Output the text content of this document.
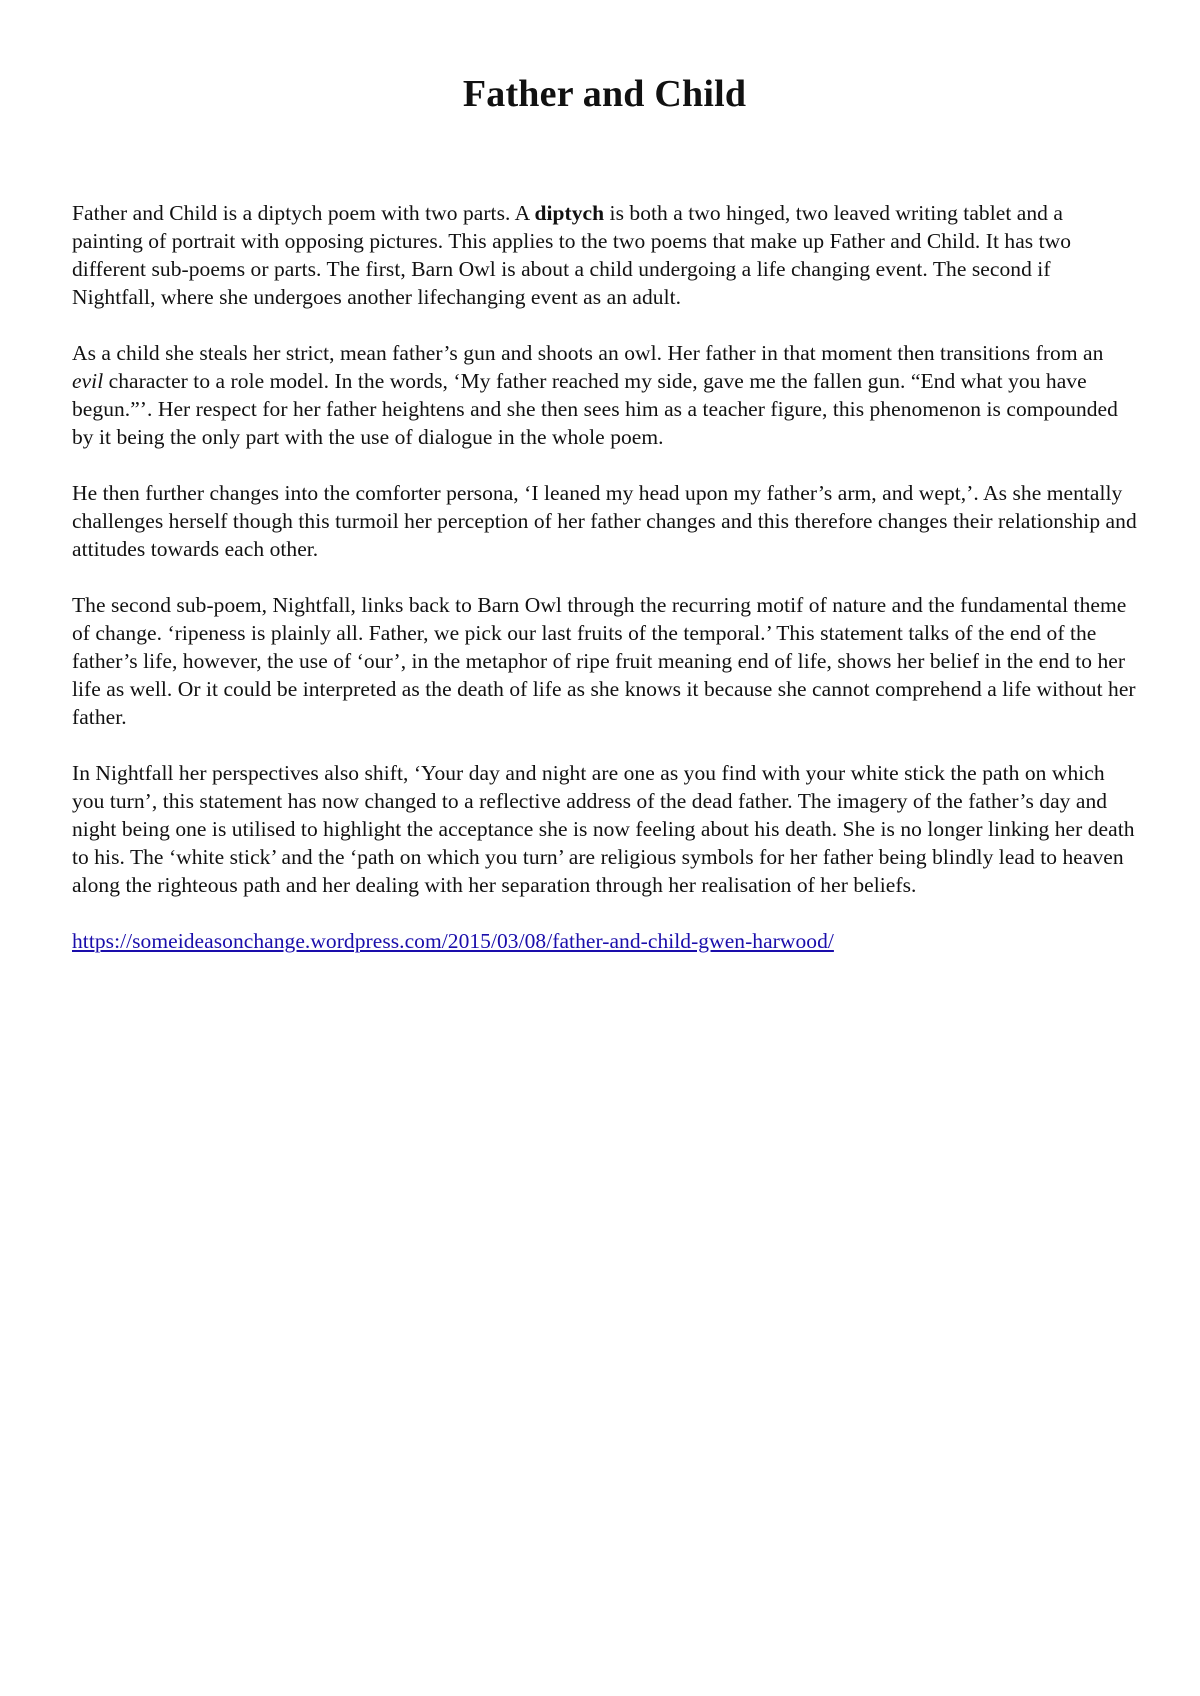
Father and Child

Father and Child is a diptych poem with two parts. A diptych is both a two hinged, two leaved writing tablet and a painting of portrait with opposing pictures. This applies to the two poems that make up Father and Child. It has two different sub-poems or parts. The first, Barn Owl is about a child undergoing a life changing event. The second if Nightfall, where she undergoes another lifechanging event as an adult.

As a child she steals her strict, mean father’s gun and shoots an owl. Her father in that moment then transitions from an evil character to a role model. In the words, ‘My father reached my side, gave me the fallen gun. “End what you have begun.”’. Her respect for her father heightens and she then sees him as a teacher figure, this phenomenon is compounded by it being the only part with the use of dialogue in the whole poem.

He then further changes into the comforter persona, ‘I leaned my head upon my father’s arm, and wept,’. As she mentally challenges herself though this turmoil her perception of her father changes and this therefore changes their relationship and attitudes towards each other.

The second sub-poem, Nightfall, links back to Barn Owl through the recurring motif of nature and the fundamental theme of change. ‘ripeness is plainly all. Father, we pick our last fruits of the temporal.’ This statement talks of the end of the father’s life, however, the use of ‘our’, in the metaphor of ripe fruit meaning end of life, shows her belief in the end to her life as well. Or it could be interpreted as the death of life as she knows it because she cannot comprehend a life without her father.

In Nightfall her perspectives also shift, ‘Your day and night are one as you find with your white stick the path on which you turn’, this statement has now changed to a reflective address of the dead father. The imagery of the father’s day and night being one is utilised to highlight the acceptance she is now feeling about his death. She is no longer linking her death to his. The ‘white stick’ and the ‘path on which you turn’ are religious symbols for her father being blindly lead to heaven along the righteous path and her dealing with her separation through her realisation of her beliefs.

https://someideasonchange.wordpress.com/2015/03/08/father-and-child-gwen-harwood/
